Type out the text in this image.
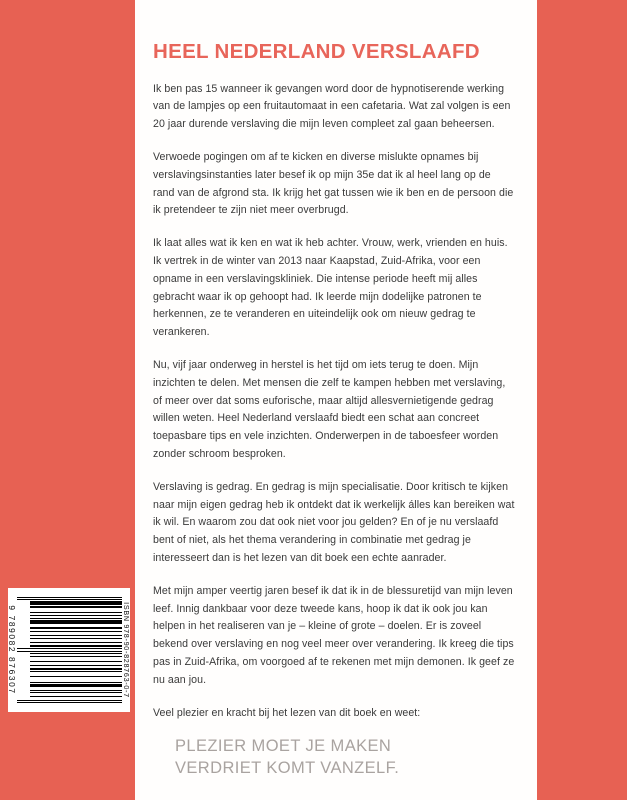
HEEL NEDERLAND VERSLAAFD

Ik ben pas 15 wanneer ik gevangen word door de hypnotiserende werking van de lampjes op een fruitautomaat in een cafetaria. Wat zal volgen is een 20 jaar durende verslaving die mijn leven compleet zal gaan beheersen.

Verwoede pogingen om af te kicken en diverse mislukte opnames bij verslavingsinstanties later besef ik op mijn 35e dat ik al heel lang op de rand van de afgrond sta. Ik krijg het gat tussen wie ik ben en de persoon die ik pretendeer te zijn niet meer overbrugd.

Ik laat alles wat ik ken en wat ik heb achter. Vrouw, werk, vrienden en huis. Ik vertrek in de winter van 2013 naar Kaapstad, Zuid-Afrika, voor een opname in een verslavingskliniek. Die intense periode heeft mij alles gebracht waar ik op gehoopt had. Ik leerde mijn dodelijke patronen te herkennen, ze te veranderen en uiteindelijk ook om nieuw gedrag te verankeren.

Nu, vijf jaar onderweg in herstel is het tijd om iets terug te doen. Mijn inzichten te delen. Met mensen die zelf te kampen hebben met verslaving, of meer over dat soms euforische, maar altijd allesvernietigende gedrag willen weten. Heel Nederland verslaafd biedt een schat aan concreet toepasbare tips en vele inzichten. Onderwerpen in de taboesfeer worden zonder schroom besproken.

Verslaving is gedrag. En gedrag is mijn specialisatie. Door kritisch te kijken naar mijn eigen gedrag heb ik ontdekt dat ik werkelijk álles kan bereiken wat ik wil. En waarom zou dat ook niet voor jou gelden? En of je nu verslaafd bent of niet, als het thema verandering in combinatie met gedrag je interesseert dan is het lezen van dit boek een echte aanrader.

Met mijn amper veertig jaren besef ik dat ik in de blessuretijd van mijn leven leef. Innig dankbaar voor deze tweede kans, hoop ik dat ik ook jou kan helpen in het realiseren van je – kleine of grote – doelen. Er is zoveel bekend over verslaving en nog veel meer over verandering. Ik kreeg die tips pas in Zuid-Afrika, om voorgoed af te rekenen met mijn demonen. Ik geef ze nu aan jou.

Veel plezier en kracht bij het lezen van dit boek en weet:

PLEZIER MOET JE MAKEN
VERDRIET KOMT VANZELF.
ISBN 978-90-828763-0-7
9 789082 876307
